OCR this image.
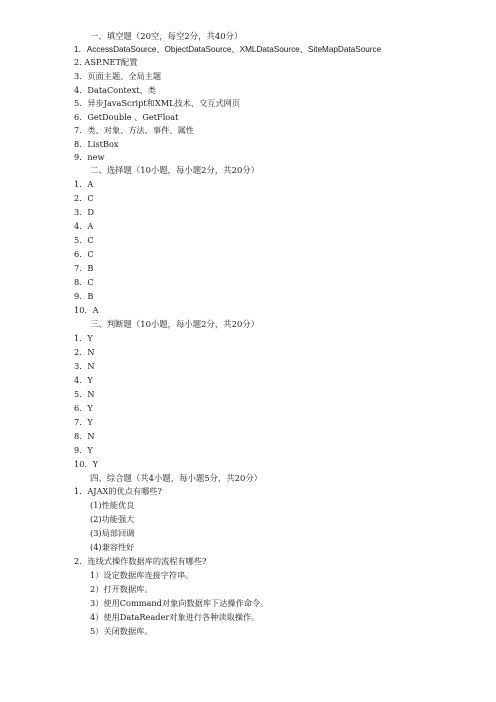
一、填空题（20空，每空2分，共40分）
1．AccessDataSource、ObjectDataSource、XMLDataSource、SiteMapDataSource
2. ASP.NET配置
3．页面主题、全局主题
4．DataContext、类
5．异步JavaScript和XML技术、交互式网页
6．GetDouble 、GetFloat
7．类、对象、方法、事件、属性
8．ListBox
9．new
二、选择题（10小题，每小题2分，共20分）
1．A
2．C
3．D
4．A
5．C
6．C
7．B
8．C
9．B
10．A
三、判断题（10小题，每小题2分，共20分）
1．Y
2．N
3．N
4．Y
5．N
6．Y
7．Y
8．N
9．Y
10．Y
四、综合题（共4小题，每小题5分，共20分）
1．AJAX的优点有哪些?
(1)性能优良
(2)功能强大
(3)局部回调
(4)兼容性好
2．连线式操作数据库的流程有哪些?
1）设定数据库连接字符串。
2）打开数据库。
3）使用Command对象向数据库下达操作命令。
4）使用DataReader对象进行各种读取操作。
5）关闭数据库。
